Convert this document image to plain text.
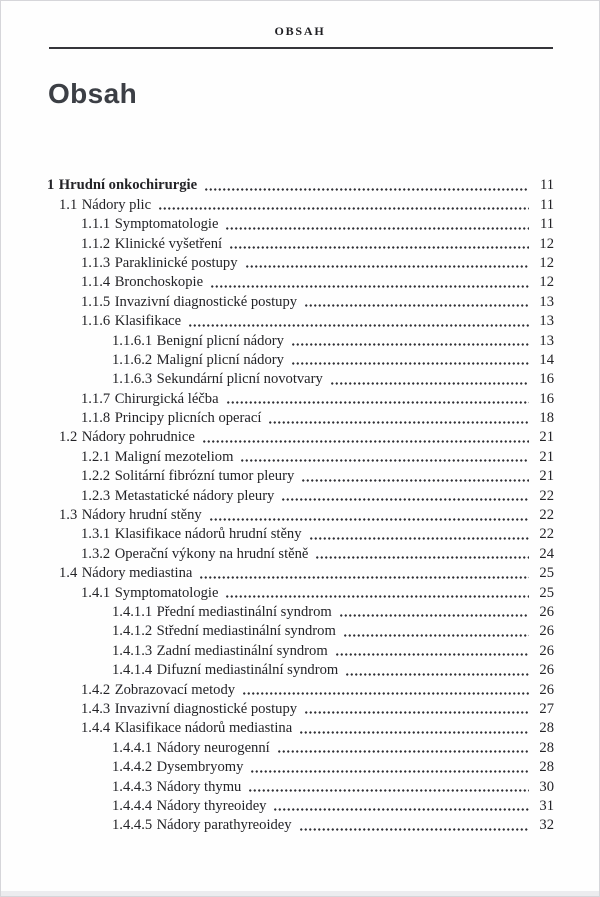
OBSAH
Obsah
1 Hrudní onkochirurgie	11
1.1 Nádory plic	11
1.1.1 Symptomatologie	11
1.1.2 Klinické vyšetření	12
1.1.3 Paraklinické postupy	12
1.1.4 Bronchoskopie	12
1.1.5 Invazivní diagnostické postupy	13
1.1.6 Klasifikace	13
1.1.6.1 Benigní plicní nádory	13
1.1.6.2 Maligní plicní nádory	14
1.1.6.3 Sekundární plicní novotvary	16
1.1.7 Chirurgická léčba	16
1.1.8 Principy plicních operací	18
1.2 Nádory pohrudnice	21
1.2.1 Maligní mezoteliom	21
1.2.2 Solitární fibrózní tumor pleury	21
1.2.3 Metastatické nádory pleury	22
1.3 Nádory hrudní stěny	22
1.3.1 Klasifikace nádorů hrudní stěny	22
1.3.2 Operační výkony na hrudní stěně	24
1.4 Nádory mediastina	25
1.4.1 Symptomatologie	25
1.4.1.1 Přední mediastinální syndrom	26
1.4.1.2 Střední mediastinální syndrom	26
1.4.1.3 Zadní mediastinální syndrom	26
1.4.1.4 Difuzní mediastinální syndrom	26
1.4.2 Zobrazovací metody	26
1.4.3 Invazivní diagnostické postupy	27
1.4.4 Klasifikace nádorů mediastina	28
1.4.4.1 Nádory neurogenní	28
1.4.4.2 Dysembryomy	28
1.4.4.3 Nádory thymu	30
1.4.4.4 Nádory thyreoidey	31
1.4.4.5 Nádory parathyreoidey	32
